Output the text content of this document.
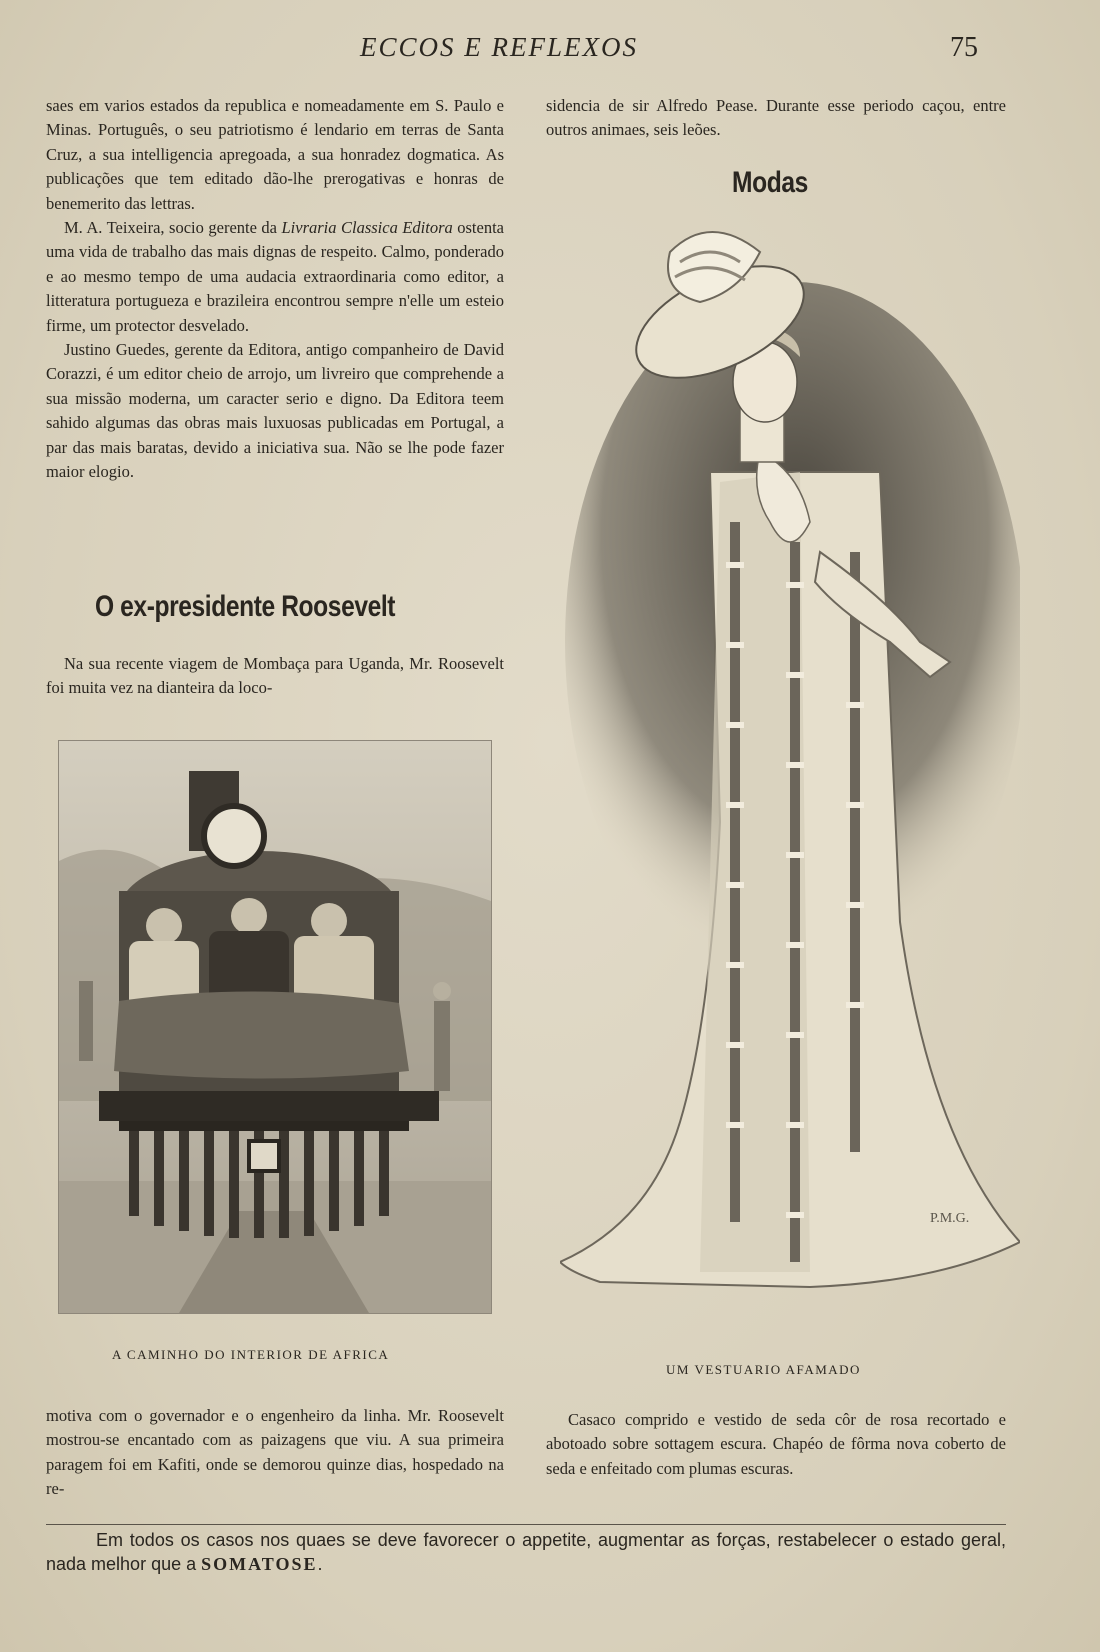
ECCOS E REFLEXOS	75

saes em varios estados da republica e nomeadamente em S. Paulo e Minas. Português, o seu patriotismo é lendario em terras de Santa Cruz, a sua intelligencia apregoada, a sua honradez dogmatica. As publicações que tem editado dão-lhe prerogativas e honras de benemerito das lettras.

M. A. Teixeira, socio gerente da Livraria Classica Editora ostenta uma vida de trabalho das mais dignas de respeito. Calmo, ponderado e ao mesmo tempo de uma audacia extraordinaria como editor, a litteratura portugueza e brazileira encontrou sempre n'elle um esteio firme, um protector desvelado.

Justino Guedes, gerente da Editora, antigo companheiro de David Corazzi, é um editor cheio de arrojo, um livreiro que comprehende a sua missão moderna, um caracter serio e digno. Da Editora teem sahido algumas das obras mais luxuosas publicadas em Portugal, a par das mais baratas, devido a iniciativa sua. Não se lhe pode fazer maior elogio.

sidencia de sir Alfredo Pease. Durante esse periodo caçou, entre outros animaes, seis leões.

Modas
O ex-presidente Roosevelt

Na sua recente viagem de Mombaça para Uganda, Mr. Roosevelt foi muita vez na dianteira da loco-

A CAMINHO DO INTERIOR DE AFRICA
P.M.G.
UM VESTUARIO AFAMADO

motiva com o governador e o engenheiro da linha. Mr. Roosevelt mostrou-se encantado com as paizagens que viu. A sua primeira paragem foi em Kafiti, onde se demorou quinze dias, hospedado na re-

Casaco comprido e vestido de seda côr de rosa recortado e abotoado sobre sottagem escura. Chapéo de fôrma nova coberto de seda e enfeitado com plumas escuras.

Em todos os casos nos quaes se deve favorecer o appetite, augmentar as forças, restabelecer o estado geral, nada melhor que a SOMATOSE.
